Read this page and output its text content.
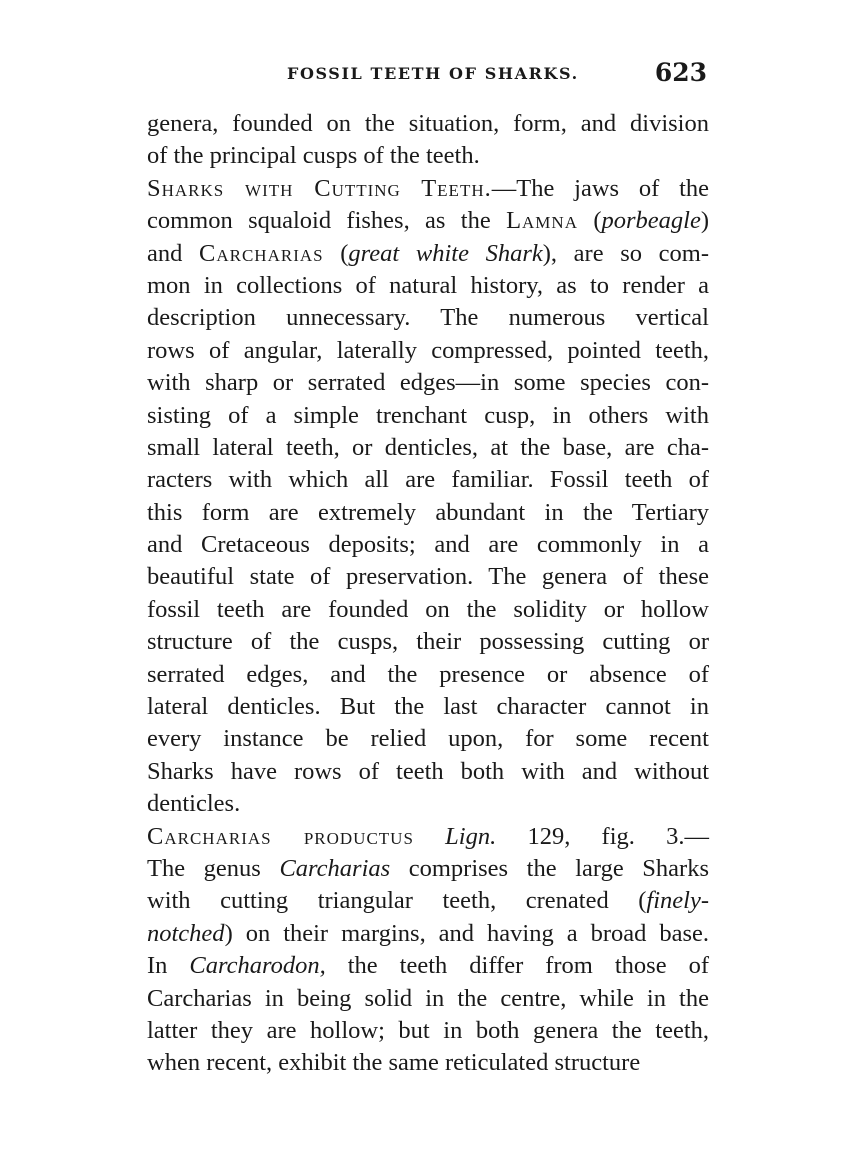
FOSSIL TEETH OF SHARKS.	623
genera, founded on the situation, form, and division
of the principal cusps of the teeth.
Sharks with Cutting Teeth.—The jaws of the
common squaloid fishes, as the Lamna (porbeagle)
and Carcharias (great white Shark), are so com-
mon in collections of natural history, as to render a
description unnecessary. The numerous vertical
rows of angular, laterally compressed, pointed teeth,
with sharp or serrated edges—in some species con-
sisting of a simple trenchant cusp, in others with
small lateral teeth, or denticles, at the base, are cha-
racters with which all are familiar. Fossil teeth of
this form are extremely abundant in the Tertiary
and Cretaceous deposits; and are commonly in a
beautiful state of preservation. The genera of these
fossil teeth are founded on the solidity or hollow
structure of the cusps, their possessing cutting or
serrated edges, and the presence or absence of
lateral denticles. But the last character cannot in
every instance be relied upon, for some recent
Sharks have rows of teeth both with and without
denticles.
Carcharias productus Lign. 129, fig. 3.—
The genus Carcharias comprises the large Sharks
with cutting triangular teeth, crenated (finely-
notched) on their margins, and having a broad base.
In Carcharodon, the teeth differ from those of
Carcharias in being solid in the centre, while in the
latter they are hollow; but in both genera the teeth,
when recent, exhibit the same reticulated structure
